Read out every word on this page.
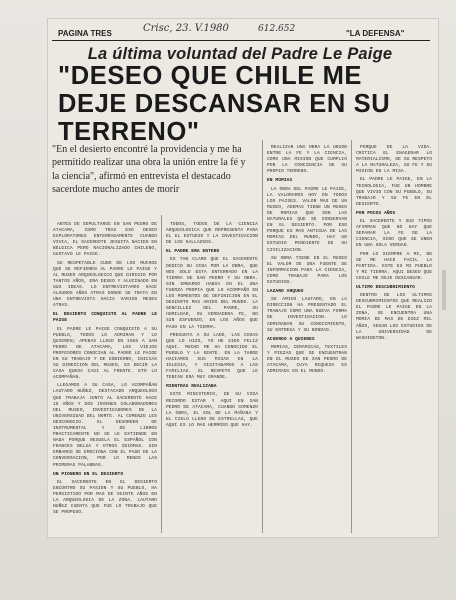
PAGINA TRES	Crisc, 23. V.1980	612.652	"LA DEFENSA"
La última voluntad del Padre Le Paige
"DESEO QUE CHILE ME DEJE DESCANSAR EN SU TERRENO"
"En el desierto encontré la providencia y me ha permitido realizar una obra la unión entre la fé y la ciencia", afirmó en entrevista el destacado sacerdote mucho antes de morir

ANTES DE SEPULTARSE EN SAN PEDRO DE ATACAMA, COMO TRAS ESO DESEO EXPLORATORES ENTERRADAMENTE CUANDO VIVIA, EL SACERDOTE JESUITA NACIDO EN BELGICA PERO NACIONALIZADO CHILENO, GUSTAVO LE PAIGE.

SU RESPETABLE CUBO DE LOS MUCHOS QUE SE REFIEREN AL PADRE LE PAIGE Y AL MUSEO ARQUEOLOGICO QUE DIRIGIO POR TANTOS AÑOS, ERA DESEO Y ALUCINADO EN SUS IDEAS. LO ENTREVISTAMOS HACE ALGUNOS AÑOS ATRAS DONDE SE TRATA EN UNA ENTREVISTA HACIA VARIOS MESES ATRAS.

EL DESIERTO CONQUISTO AL PADRE LE PAIGE

EL PADRE LE PAIGE CONQUISTO A SU PUEBLO, TODOS LO ADMIRAN Y LO QUIEREN; APENAS LLEGO EN 1955 A SAN PEDRO DE ATACAMA, LOS VIEJOS PROFESORES CONOCIAN AL PADRE LE PAIGE EN SU TRABAJO Y DE GOBIERNO, INICIAS SU DIRECCION DEL MUSEO, ES DECIR LA CASA QUEDA CASI AL FRENTE. ETO LO ACOMPAÑAN.

LLEGAMOS A SU CASA, LO ACOMPAÑAN LAUTARO NUÑEZ, DESTACADO ARQUEOLOGO QUE TRABAJA JUNTO AL SACERDOTE HACE 15 AÑOS Y DOS JOVENES COLABORADORES DEL MUSEO, INVESTIGADORES DE LA UNIVERSIDAD DEL NORTE. AL COMENZO LES DESCONOCIO. EL DESORDEN DE INSTRUMENTAL Y DE LIBROS PRACTICAMENTE NO SE LE EXTIENDE EN NADA PORQUE RESUELA EL ESPAÑOL CON FRANCES BELGA Y OTROS IDIOMAS. SIN EMBARGO SE EMOCIONA CON EL PASO DE LA CONVERSACION, POR LO MENOS LAS PRIMERAS PALABRAS.

UN PIONERO EN EL DESIERTO

EL SACERDOTE EN EL DESIERTO ENCONTRO SU PASION Y SU PUEBLO, HA PERSISTIDO POR MAS DE VEINTE AÑOS EN LA ARQUEOLOGIA DE LA ZONA. LAUTARO NUÑEZ CUENTA QUE FUE LO TRABAJO QUE SE PROPUSO.

TODOS, TODOS DE LA CIENCIA ARQUEOLOGICA QUE REPRESENTA PARA EL EL ESTUDIO Y LA INVESTIGACION DE LOS HALLAZGOS.

EL PADRE ERA ENTERO

ES TAN CLARO QUE EL SACERDOTE DEDICO SU VIDA POR LA OBRA, QUE NOS SOLO ESTA ENTERRADO EN LA TIERRA DE SAN PEDRO Y SU OBRA. SIN EMBARGO HABIA EN EL UNA FUERZA PROPIA QUE LO ACOMPAÑO EN LOS MOMENTOS DE DEFINICION EN EL DESIERTO MAS ARIDO DEL MUNDO. LA SENCILLEZ DEL PADRE, SU HUMILDAD, SU VERDADERA FE, NO SIN ESFUERZO, EN LOS AÑOS QUE PASO EN LA TIERRA.

PREGUNTA A SU LADO, LAS COSAS QUE LO HIZO, YO HE SIDO FELIZ AQUI. MUCHO ME HA CONOCIDO EL PUEBLO Y LA GENTE. EN LA TARDE HACIAMOS SUS MISAS EN LA IGLESIA, Y VISITABAMOS A LAS FAMILIAS. EL RESPETO QUE LE TENIAN ERA MUY GRANDE.

MIENTRAS REALIZABA

ESTE MINISTERIO, DE SU VIDA RECORDO ESTAR Y AQUI EN SAN PEDRO DE ATACAMA, CUANDO COMENZO LA OBRA, EL SOL DE LA MAÑANA Y EL CIELO LLENO DE ESTRELLAS, QUE AQUI ES LO MAS HERMOSO QUE HAY.

REALIZAR UNA OBRA LA UNION ENTRE LA FE Y LA CIENCIA, COMO UNA MISION QUE CUMPLIO POR LA CONCIENCIA DE SU PROPIO TERRENO.

EN MOMIAS

LA OBRA DEL PADRE LE PAIGE, LA VALORAMOS HOY EN TODOS LOS PAISES. VALOR MAS DE UN MUSEO, ADEMAS TIENE UN MUSEO DE MOMIAS QUE SON LAS NATURALES QUE SE CONSERVAN EN EL DESIERTO. POR ESO PORQUE ES MAS ANTIGUA DE LAS MOMIAS DEL MUNDO, HAY UN ESTUDIO PENDIENTE DE SU CIVILIZACION.

SU OBRA TIENE EN EL MUSEO EL VALOR DE UNA FUENTE DE INFORMACION PARA LA CIENCIA, COMO TRABAJO PARA LOS ESTUDIOS.

LAZARO ARQUEO

SU AMIGO LAUTARO, EN LA DIRECCION HA PRESENTADO EL TRABAJO COMO UNA NUEVA FORMA DE INVESTIGACION. LO ADMIRABAN SU CONOCIMIENTO, SU ENTREGA Y SU BONDAD.

ACUERDO A QUIENES

MOMIAS, CERAMICAS, TEXTILES Y PIEZAS QUE SE ENCUENTRAN EN EL MUSEO DE SAN PEDRO DE ATACAMA, CUYA RIQUEZA ES ADMIRADA EN EL MUNDO.

PORQUE DE LA VIDA. CRITICA EL ENAGERAR LO MATERIALISMO, DE SU RESPETO A LA NATURALEZA, SU FE Y SU MISION EN LA MISA.

EL PADRE LE PAIGE, EN LA TECNOLOGIA, FUE UN HOMBRE QUE VIVIO CON SU PUEBLO, SU TRABAJO Y SU FE EN EL DESIERTO.

POR POCOS AÑOS

EL SACERDOTE Y SUS TIPOS AFIRMAN QUE NO HAY QUE SEPARAR LA FE DE LA CIENCIA, SINO QUE SE UNEN EN UNA SOLA VERDAD.

POR LO SIEMPRE A MI, NO SE ME HACE FACIL LA PARTIDA. ESTE ES MI PUEBLO Y MI TIERRA. AQUI DESEO QUE CHILE ME DEJE DESCANSAR.

ULTIMO DESCUBRIMIENTO

DENTRO DE LOS ULTIMOS DESCUBRIMIENTOS QUE REALIZO EL PADRE LE PAIGE EN LA ZONA, SE ENCUENTRA UNA MOMIA DE MAS DE DIEZ MIL AÑOS, SEGUN LOS ESTUDIOS DE LA UNIVERSIDAD DE WASHINGTON.
